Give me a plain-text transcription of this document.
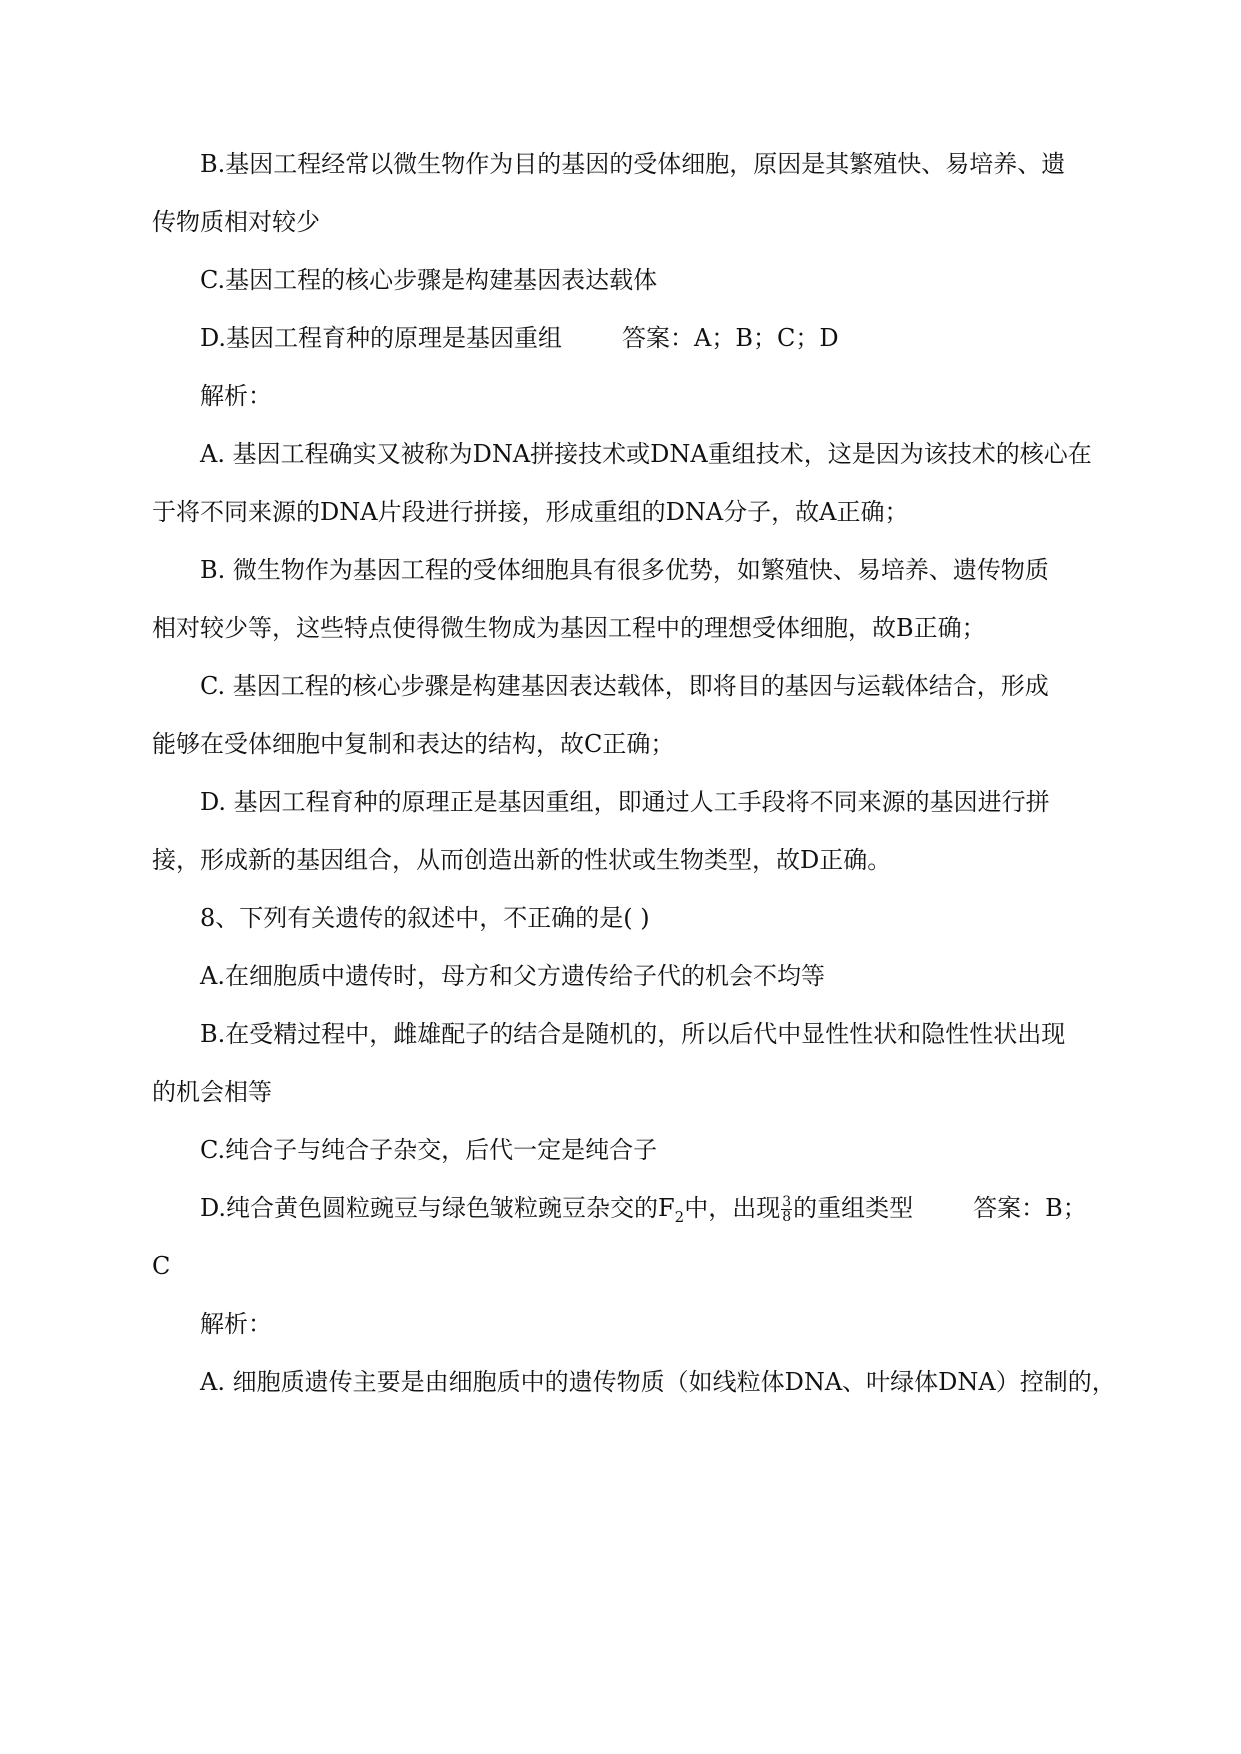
B.基因工程经常以微生物作为目的基因的受体细胞，原因是其繁殖快、易培养、遗
传物质相对较少
C.基因工程的核心步骤是构建基因表达载体
D.基因工程育种的原理是基因重组	答案：A；B；C；D
解析：
A. 基因工程确实又被称为DNA拼接技术或DNA重组技术，这是因为该技术的核心在
于将不同来源的DNA片段进行拼接，形成重组的DNA分子，故A正确；
B. 微生物作为基因工程的受体细胞具有很多优势，如繁殖快、易培养、遗传物质
相对较少等，这些特点使得微生物成为基因工程中的理想受体细胞，故B正确；
C. 基因工程的核心步骤是构建基因表达载体，即将目的基因与运载体结合，形成
能够在受体细胞中复制和表达的结构，故C正确；
D. 基因工程育种的原理正是基因重组，即通过人工手段将不同来源的基因进行拼
接，形成新的基因组合，从而创造出新的性状或生物类型，故D正确。
8、下列有关遗传的叙述中，不正确的是( )
A.在细胞质中遗传时，母方和父方遗传给子代的机会不均等
B.在受精过程中，雌雄配子的结合是随机的，所以后代中显性性状和隐性性状出现
的机会相等
C.纯合子与纯合子杂交，后代一定是纯合子
D.纯合黄色圆粒豌豆与绿色皱粒豌豆杂交的$F_2$中，出现 $\frac{3}{8}$ 的重组类型	答案：B；
C
解析：
A. 细胞质遗传主要是由细胞质中的遗传物质（如线粒体DNA、叶绿体DNA）控制的，
